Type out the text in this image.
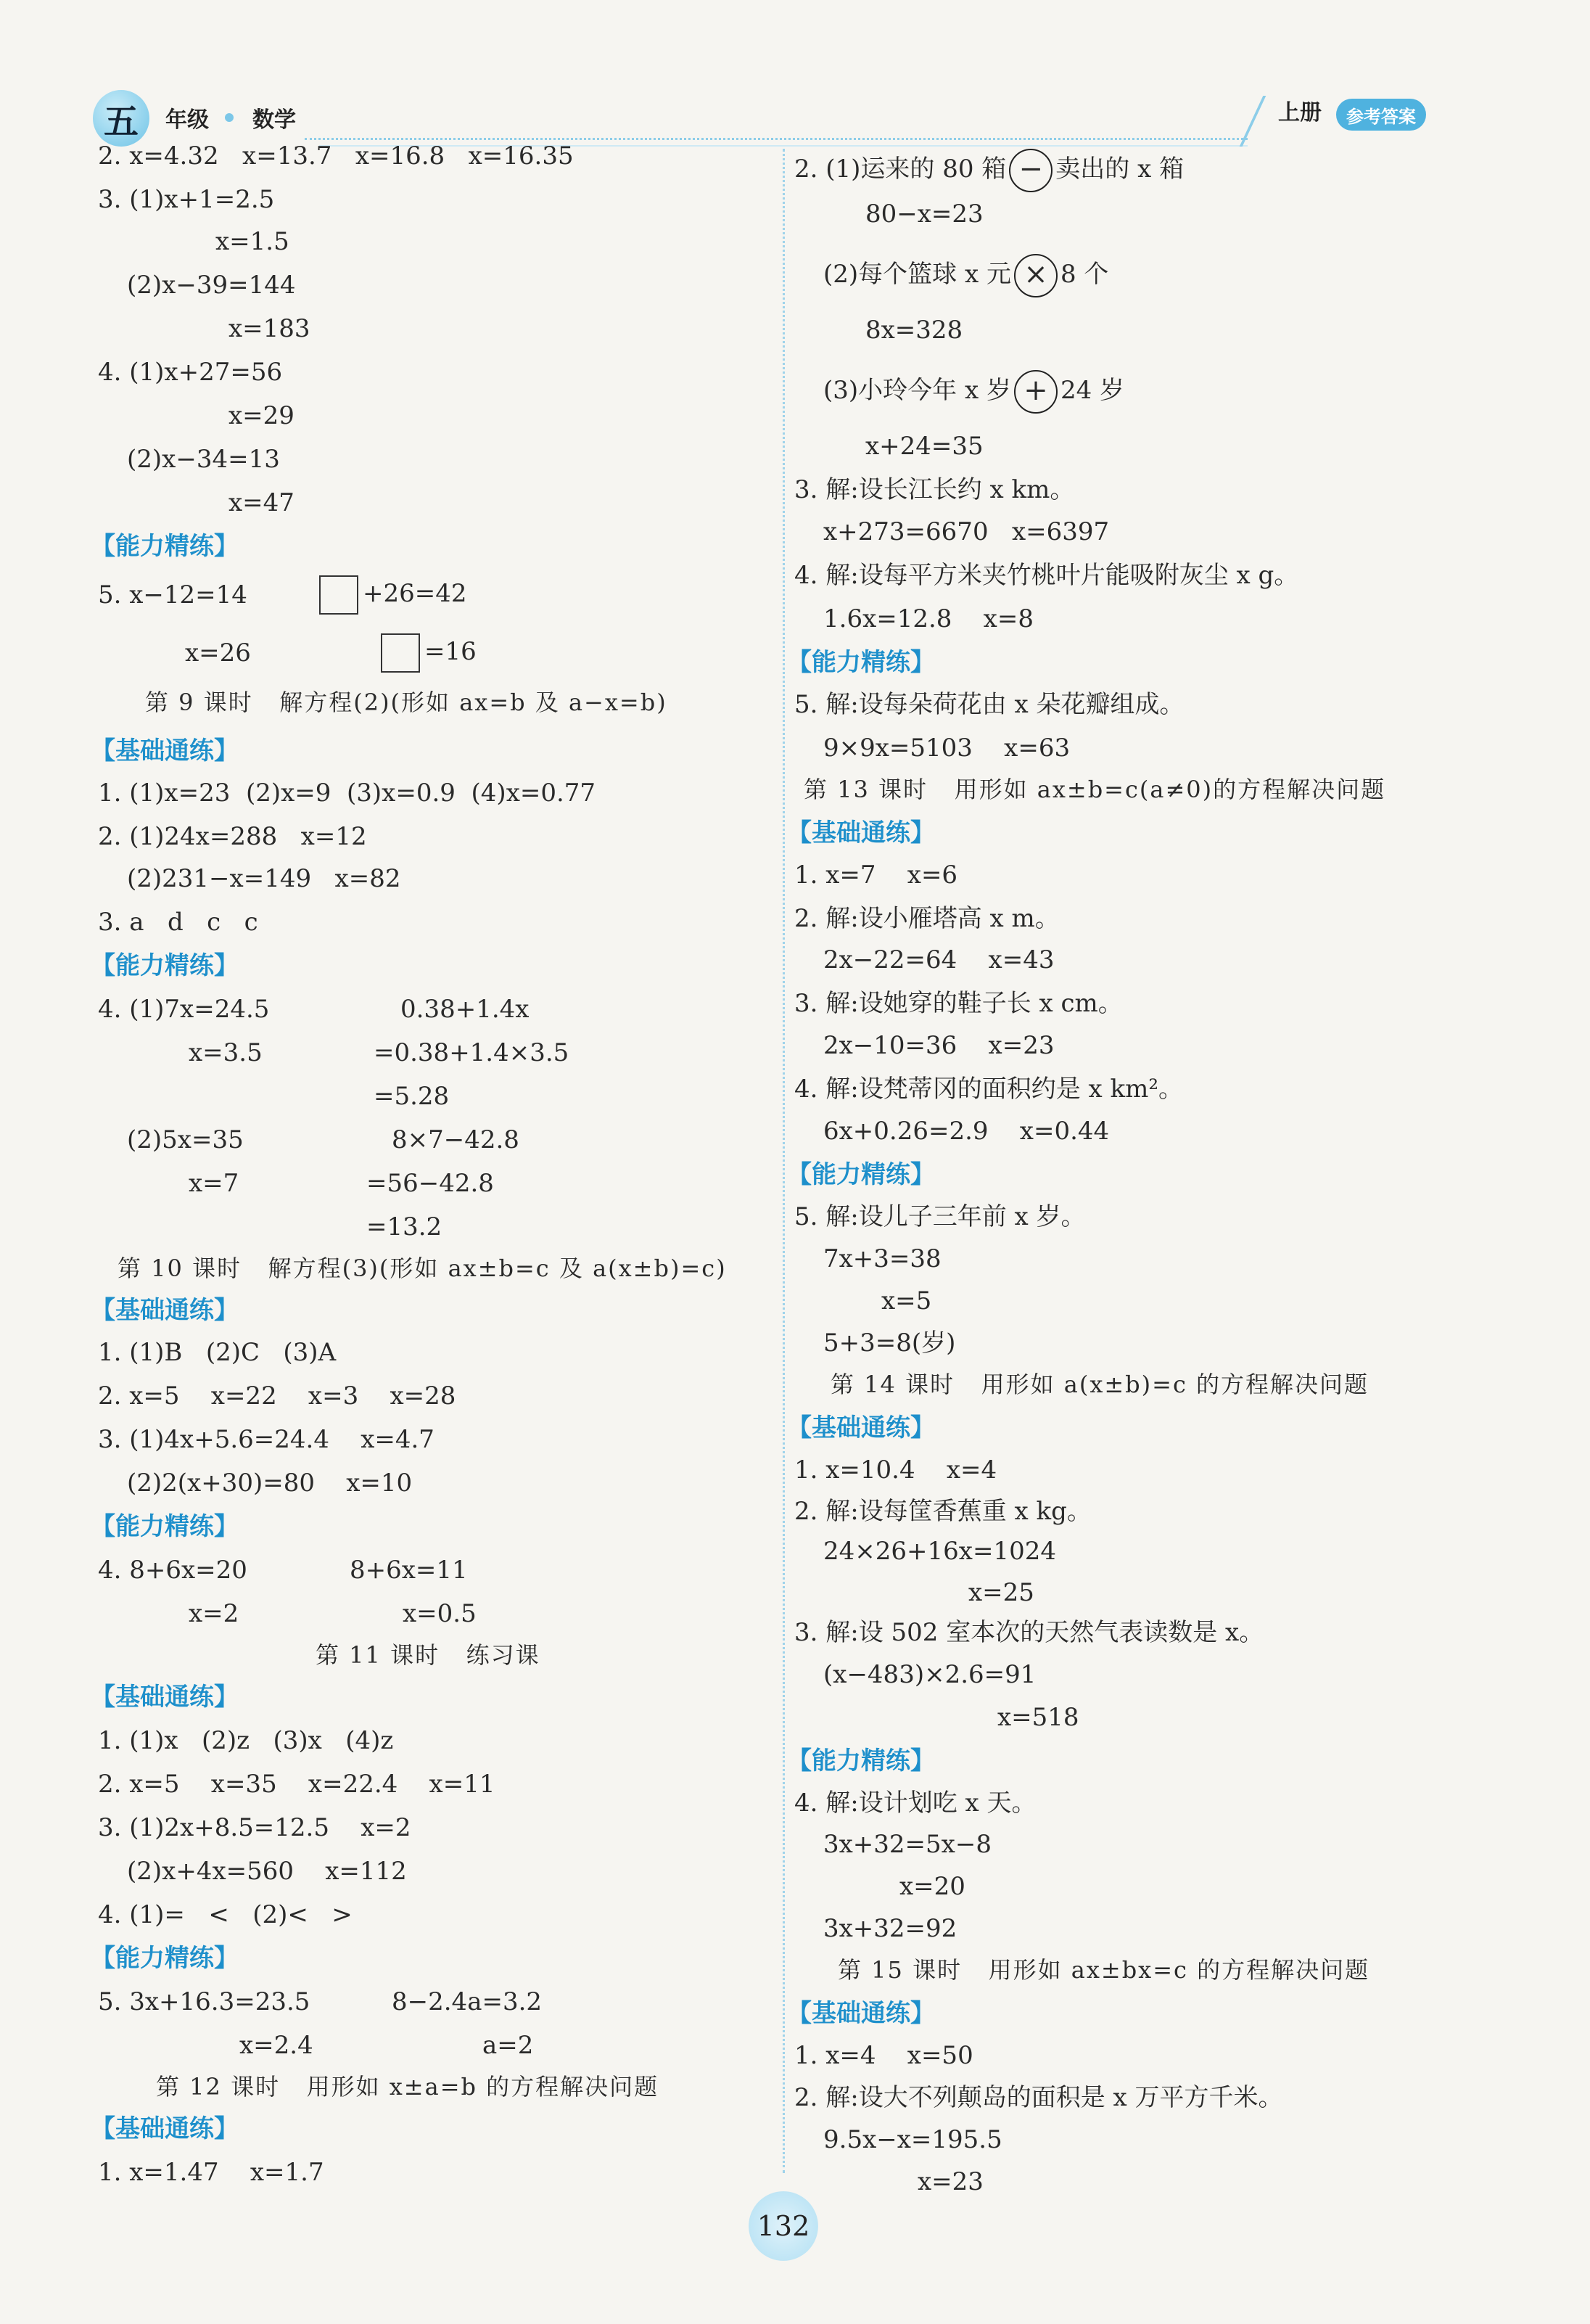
五	年级 数学	上册	参考答案
2. x=4.32   x=13.7   x=16.8   x=16.35
3. (1)x+1=2.5
x=1.5
(2)x−39=144
x=183
4. (1)x+27=56
x=29
(2)x−34=13
x=47
【能力精练】
5. x−12=14	+26=42
x=26	=16
第 9 课时   解方程(2)(形如 ax=b 及 a−x=b)
【基础通练】
1. (1)x=23  (2)x=9  (3)x=0.9  (4)x=0.77
2. (1)24x=288   x=12
(2)231−x=149   x=82
3. a   d   c   c
【能力精练】
4. (1)7x=24.5	0.38+1.4x
x=3.5	=0.38+1.4×3.5
=5.28
(2)5x=35	8×7−42.8
x=7	=56−42.8
=13.2
第 10 课时   解方程(3)(形如 ax±b=c 及 a(x±b)=c)
【基础通练】
1. (1)B   (2)C   (3)A
2. x=5    x=22    x=3    x=28
3. (1)4x+5.6=24.4    x=4.7
(2)2(x+30)=80    x=10
【能力精练】
4. 8+6x=20	8+6x=11
x=2	x=0.5
第 11 课时   练习课
【基础通练】
1. (1)x   (2)z   (3)x   (4)z
2. x=5    x=35    x=22.4    x=11
3. (1)2x+8.5=12.5    x=2
(2)x+4x=560    x=112
4. (1)=   <   (2)<   >
【能力精练】
5. 3x+16.3=23.5	8−2.4a=3.2
x=2.4	a=2
第 12 课时   用形如 x±a=b 的方程解决问题
【基础通练】
1. x=1.47    x=1.7
2. (1)运来的 80 箱 − 卖出的 x 箱
80−x=23
(2)每个篮球 x 元 × 8 个
8x=328
(3)小玲今年 x 岁 + 24 岁
x+24=35
3. 解:设长江长约 x km。
x+273=6670   x=6397
4. 解:设每平方米夹竹桃叶片能吸附灰尘 x g。
1.6x=12.8    x=8
【能力精练】
5. 解:设每朵荷花由 x 朵花瓣组成。
9×9x=5103    x=63
第 13 课时   用形如 ax±b=c(a≠0)的方程解决问题
【基础通练】
1. x=7    x=6
2. 解:设小雁塔高 x m。
2x−22=64    x=43
3. 解:设她穿的鞋子长 x cm。
2x−10=36    x=23
4. 解:设梵蒂冈的面积约是 x km²。
6x+0.26=2.9    x=0.44
【能力精练】
5. 解:设儿子三年前 x 岁。
7x+3=38
x=5
5+3=8(岁)
第 14 课时   用形如 a(x±b)=c 的方程解决问题
【基础通练】
1. x=10.4    x=4
2. 解:设每筐香蕉重 x kg。
24×26+16x=1024
x=25
3. 解:设 502 室本次的天然气表读数是 x。
(x−483)×2.6=91
x=518
【能力精练】
4. 解:设计划吃 x 天。
3x+32=5x−8
x=20
3x+32=92
第 15 课时   用形如 ax±bx=c 的方程解决问题
【基础通练】
1. x=4    x=50
2. 解:设大不列颠岛的面积是 x 万平方千米。
9.5x−x=195.5
x=23
132
